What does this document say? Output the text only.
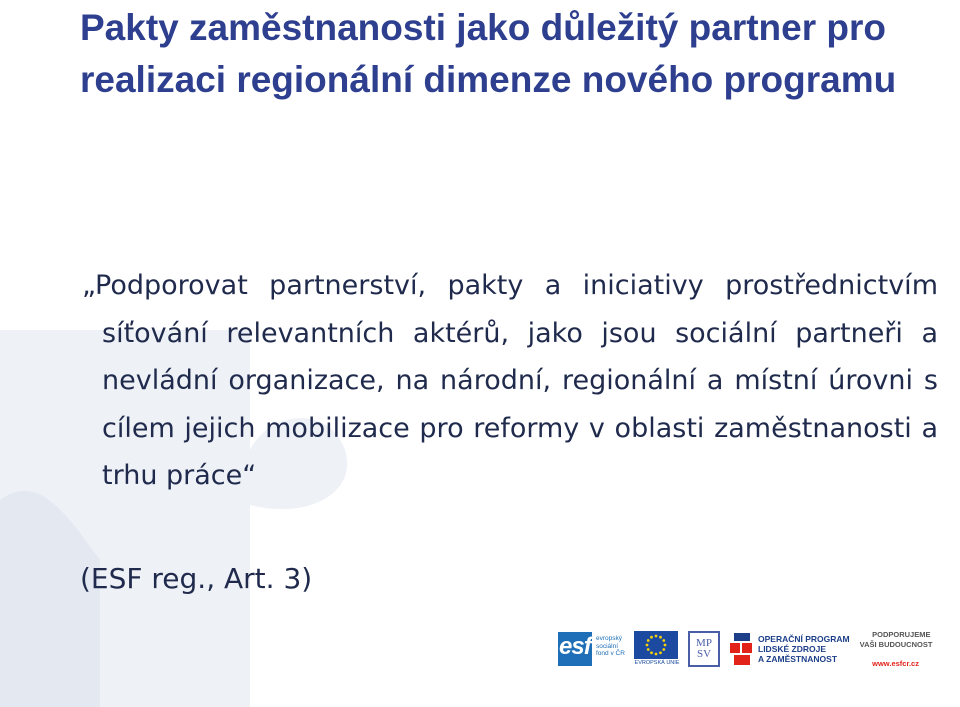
Pakty zaměstnanosti jako důležitý partner pro realizaci regionální dimenze nového programu

„Podporovat partnerství, pakty a iniciativy prostřednictvím síťování relevantních aktérů, jako jsou sociální partneři a nevládní organizace, na národní, regionální a místní úrovni s cílem jejich mobilizace pro reformy v oblasti zaměstnanosti a trhu práce“

(ESF reg., Art. 3)

esf evropský sociální fond v ČR
EVROPSKÁ UNIE
MP
SV
OPERAČNÍ PROGRAM
LIDSKÉ ZDROJE
A ZAMĚSTNANOST

PODPORUJEME
VAŠI BUDOUCNOST

www.esfcr.cz
